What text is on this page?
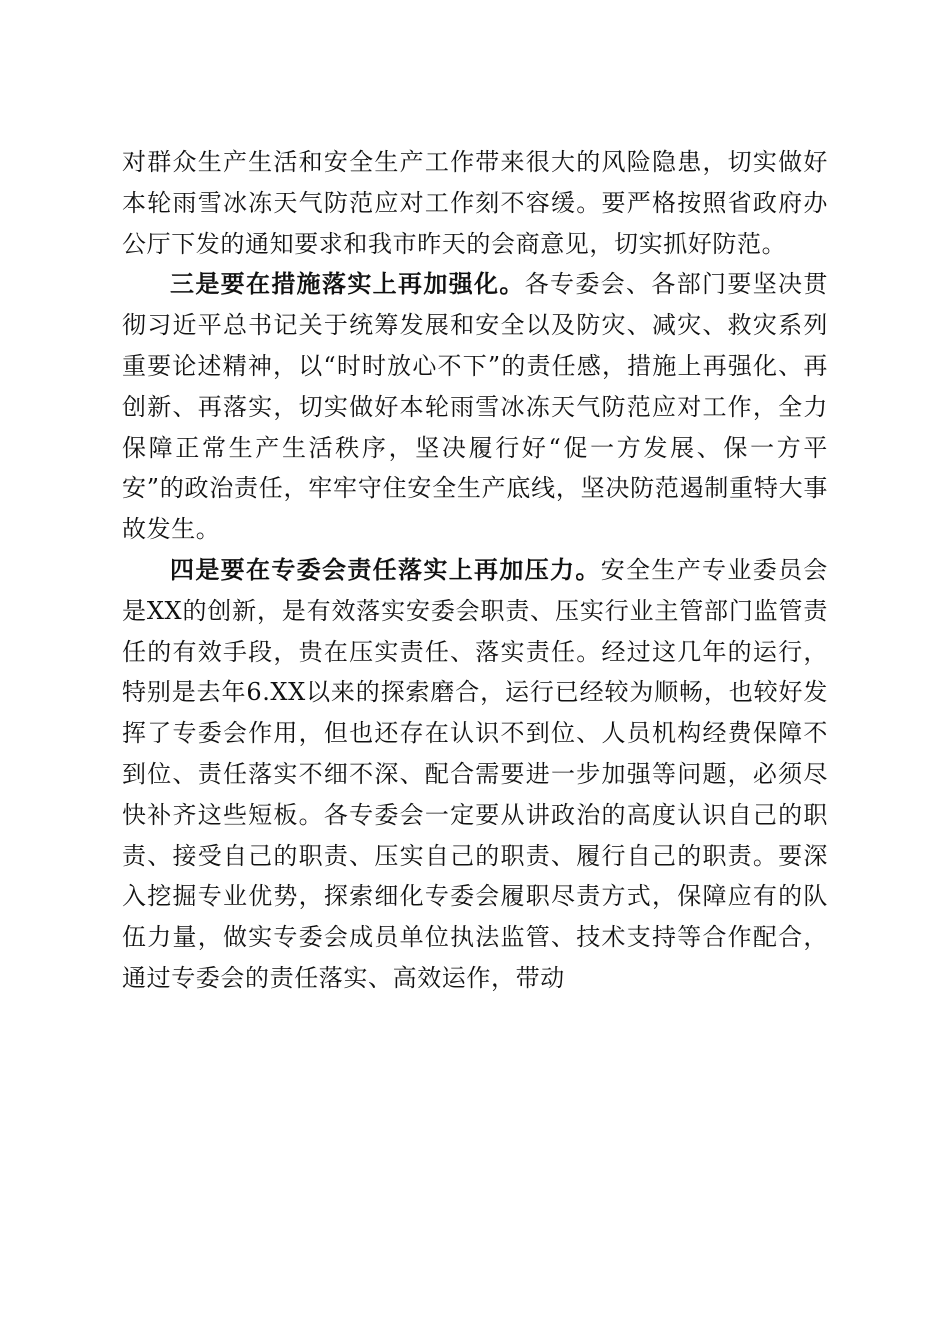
对群众生产生活和安全生产工作带来很大的风险隐患，切实做好本轮雨雪冰冻天气防范应对工作刻不容缓。要严格按照省政府办公厅下发的通知要求和我市昨天的会商意见，切实抓好防范。

三是要在措施落实上再加强化。各专委会、各部门要坚决贯彻习近平总书记关于统筹发展和安全以及防灾、减灾、救灾系列重要论述精神，以“时时放心不下”的责任感，措施上再强化、再创新、再落实，切实做好本轮雨雪冰冻天气防范应对工作，全力保障正常生产生活秩序，坚决履行好“促一方发展、保一方平安”的政治责任，牢牢守住安全生产底线，坚决防范遏制重特大事故发生。

四是要在专委会责任落实上再加压力。安全生产专业委员会是XX的创新，是有效落实安委会职责、压实行业主管部门监管责任的有效手段，贵在压实责任、落实责任。经过这几年的运行，特别是去年6.XX以来的探索磨合，运行已经较为顺畅，也较好发挥了专委会作用，但也还存在认识不到位、人员机构经费保障不到位、责任落实不细不深、配合需要进一步加强等问题，必须尽快补齐这些短板。各专委会一定要从讲政治的高度认识自己的职责、接受自己的职责、压实自己的职责、履行自己的职责。要深入挖掘专业优势，探索细化专委会履职尽责方式，保障应有的队伍力量，做实专委会成员单位执法监管、技术支持等合作配合，通过专委会的责任落实、高效运作，带动
